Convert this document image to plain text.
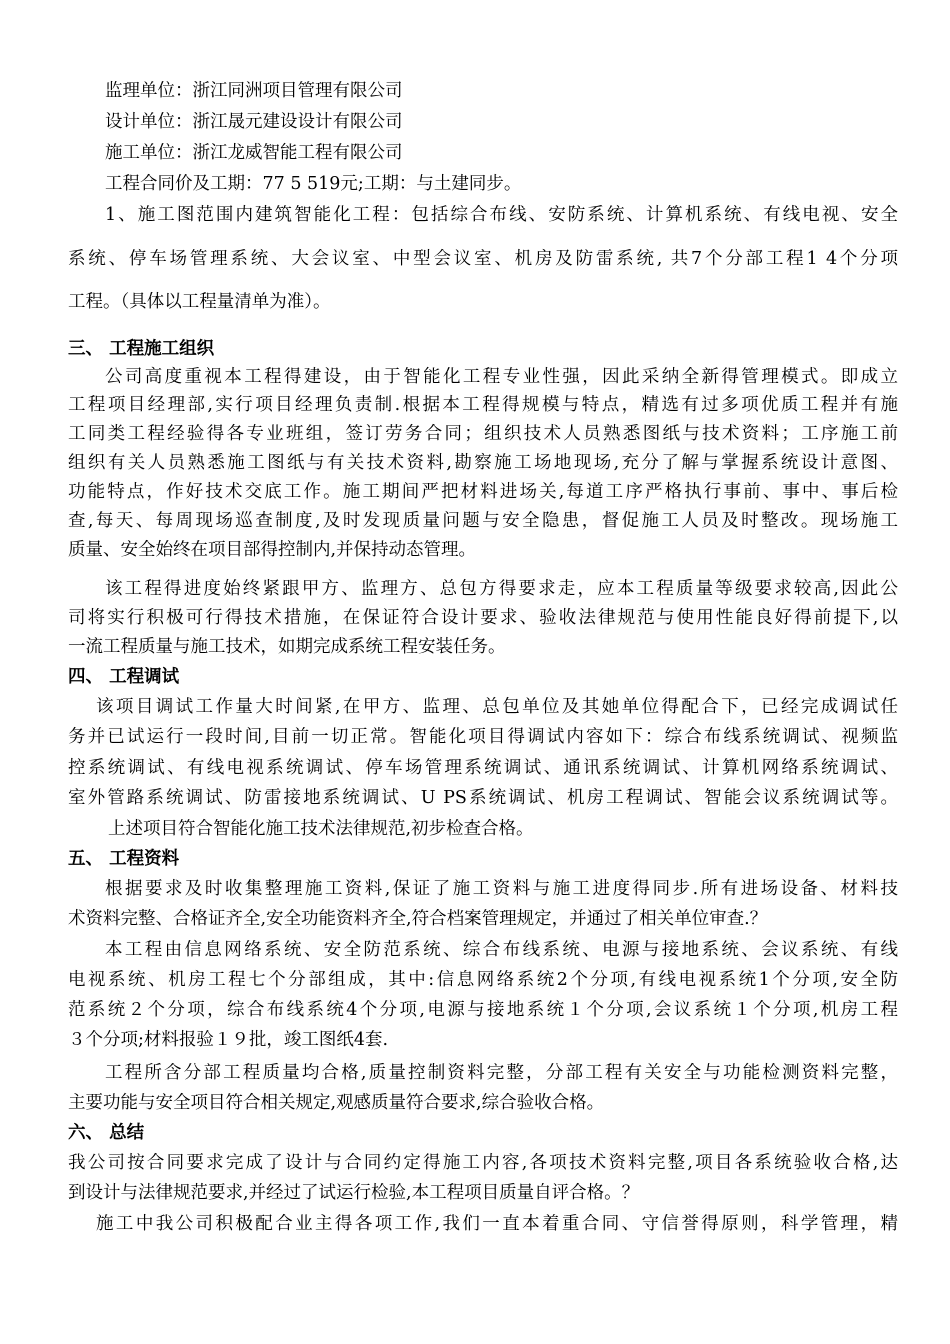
监理单位：浙江同洲项目管理有限公司
设计单位：浙江晟元建设设计有限公司
施工单位：浙江龙威智能工程有限公司
工程合同价及工期：77 5 519元;工期：与土建同步。
1、施工图范围内建筑智能化工程：包括综合布线、安防系统、计算机系统、有线电视、安全
系统、停车场管理系统、大会议室、中型会议室、机房及防雷系统, 共7个分部工程1 4个分项
工程。（具体以工程量清单为准）。
三、 工程施工组织
公司高度重视本工程得建设，由于智能化工程专业性强，因此采纳全新得管理模式。即成立
工程项目经理部,实行项目经理负责制.根据本工程得规模与特点，精选有过多项优质工程并有施
工同类工程经验得各专业班组，签订劳务合同；组织技术人员熟悉图纸与技术资料；工序施工前
组织有关人员熟悉施工图纸与有关技术资料,勘察施工场地现场,充分了解与掌握系统设计意图、
功能特点，作好技术交底工作。施工期间严把材料进场关,每道工序严格执行事前、事中、事后检
查,每天、每周现场巡查制度,及时发现质量问题与安全隐患，督促施工人员及时整改。现场施工
质量、安全始终在项目部得控制内,并保持动态管理。
该工程得进度始终紧跟甲方、监理方、总包方得要求走，应本工程质量等级要求较高,因此公
司将实行积极可行得技术措施，在保证符合设计要求、验收法律规范与使用性能良好得前提下,以
一流工程质量与施工技术，如期完成系统工程安装任务。
四、 工程调试
该项目调试工作量大时间紧,在甲方、监理、总包单位及其她单位得配合下，已经完成调试任
务并已试运行一段时间,目前一切正常。智能化项目得调试内容如下：综合布线系统调试、视频监
控系统调试、有线电视系统调试、停车场管理系统调试、通讯系统调试、计算机网络系统调试、
室外管路系统调试、防雷接地系统调试、U PS系统调试、机房工程调试、智能会议系统调试等。
上述项目符合智能化施工技术法律规范,初步检查合格。
五、 工程资料
根据要求及时收集整理施工资料,保证了施工资料与施工进度得同步.所有进场设备、材料技
术资料完整、合格证齐全,安全功能资料齐全,符合档案管理规定，并通过了相关单位审查.？
本工程由信息网络系统、安全防范系统、综合布线系统、电源与接地系统、会议系统、有线
电视系统、机房工程七个分部组成，其中:信息网络系统2个分项,有线电视系统1个分项,安全防
范系统２个分项，综合布线系统4个分项,电源与接地系统１个分项,会议系统１个分项,机房工程
３个分项;材料报验１９批，竣工图纸4套.
工程所含分部工程质量均合格,质量控制资料完整，分部工程有关安全与功能检测资料完整，
主要功能与安全项目符合相关规定,观感质量符合要求,综合验收合格。
六、 总结
我公司按合同要求完成了设计与合同约定得施工内容,各项技术资料完整,项目各系统验收合格,达
到设计与法律规范要求,并经过了试运行检验,本工程项目质量自评合格。？
施工中我公司积极配合业主得各项工作,我们一直本着重合同、守信誉得原则，科学管理，精
